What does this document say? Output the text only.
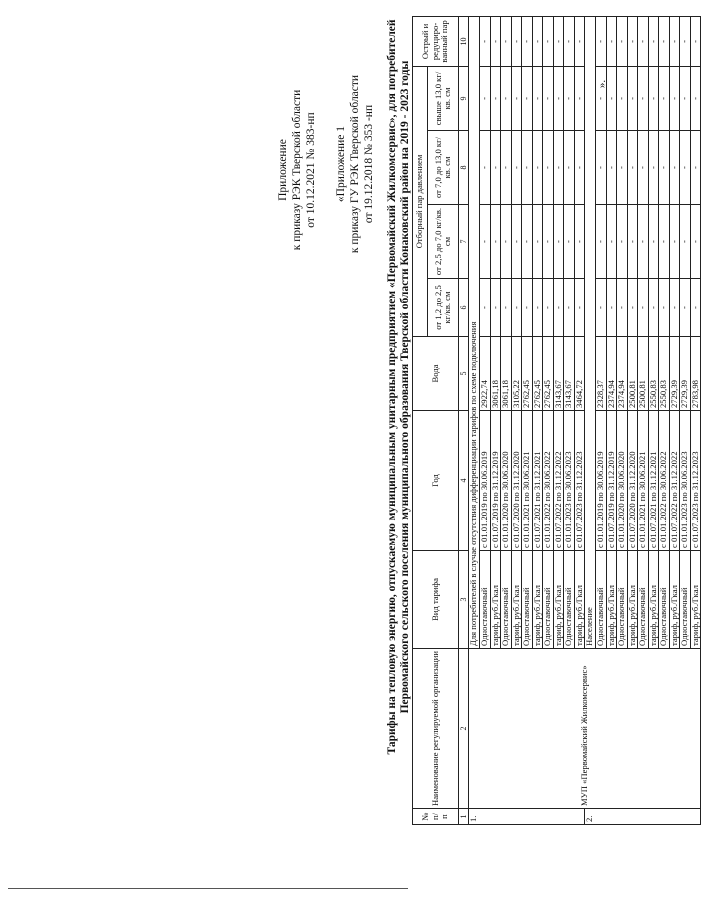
Приложение к приказу РЭК Тверской области от 10.12.2021 № 383-нп «Приложение 1 к приказу ГУ РЭК Тверской области от 19.12.2018 № 353 -нп Тарифы на тепловую энергию, отпускаемую муниципальным унитарным предприятием «Первомайский Жилкомсервис», для потребителей Первомайского сельского поселения муниципального образования Тверской области Конаковский район на 2019 - 2023 годы
№ п/ п	Наименование регулируемой организации	Вид тарифа	Год	Вода	Отборный пар давлением				Острый и редуциро- ванный пар
					от 1,2 до 2,5 кг/кв. см	от 2,5 до 7,0 кг/кв. см	от 7,0 до 13,0 кг/кв. см	свыше 13,0 кг/кв. см	
1	2	3	4	5	6	7	8	9	10
1.	МУП «Первомайский Жилкомсервис»	Для потребителей в случае отсутствия дифференциации тарифов по схеме подключения							
		Одноставочный	с 01.01.2019 по 30.06.2019	2922,74	-	-	-	-	-
		тариф, руб./Гкал	с 01.07.2019 по 31.12.2019	3061,18	-	-	-	-	-
		Одноставочный	с 01.01.2020 по 30.06.2020	3061,18	-	-	-	-	-
		тариф, руб./Гкал	с 01.07.2020 по 31.12.2020	3105,22	-	-	-	-	-
		Одноставочный	с 01.01.2021 по 30.06.2021	2762,45	-	-	-	-	-
		тариф, руб./Гкал	с 01.07.2021 по 31.12.2021	2762,45	-	-	-	-	-
		Одноставочный	с 01.01.2022 по 30.06.2022	2762,45	-	-	-	-	-
		тариф, руб./Гкал	с 01.07.2022 по 31.12.2022	3143,67	-	-	-	-	-
		Одноставочный	с 01.01.2023 по 30.06.2023	3143,67	-	-	-	-	-
		тариф, руб./Гкал	с 01.07.2023 по 31.12.2023	3464,72	-	-	-	-	-
2.		Население							
		Одноставочный	с 01.01.2019 по 30.06.2019	2328,37	-	-	-	-	-
		тариф, руб./Гкал	с 01.07.2019 по 31.12.2019	2374,94	-	-	-	-	-
		Одноставочный	с 01.01.2020 по 30.06.2020	2374,94	-	-	-	-	-
		тариф, руб./Гкал	с 01.07.2020 по 31.12.2020	2500,81	-	-	-	-	-
		Одноставочный	с 01.01.2021 по 30.06.2021	2500,81	-	-	-	-	-
		тариф, руб./Гкал	с 01.07.2021 по 31.12.2021	2550,83	-	-	-	-	-
		Одноставочный	с 01.01.2022 по 30.06.2022	2550,83	-	-	-	-	-
		тариф, руб./Гкал	с 01.07.2022 по 31.12.2022	2729,39	-	-	-	-	-
		Одноставочный	с 01.01.2023 по 30.06.2023	2729,39	-	-	-	-	-
		тариф, руб./Гкал	с 01.07.2023 по 31.12.2023	2783,98	-	-	-	-	-
».
